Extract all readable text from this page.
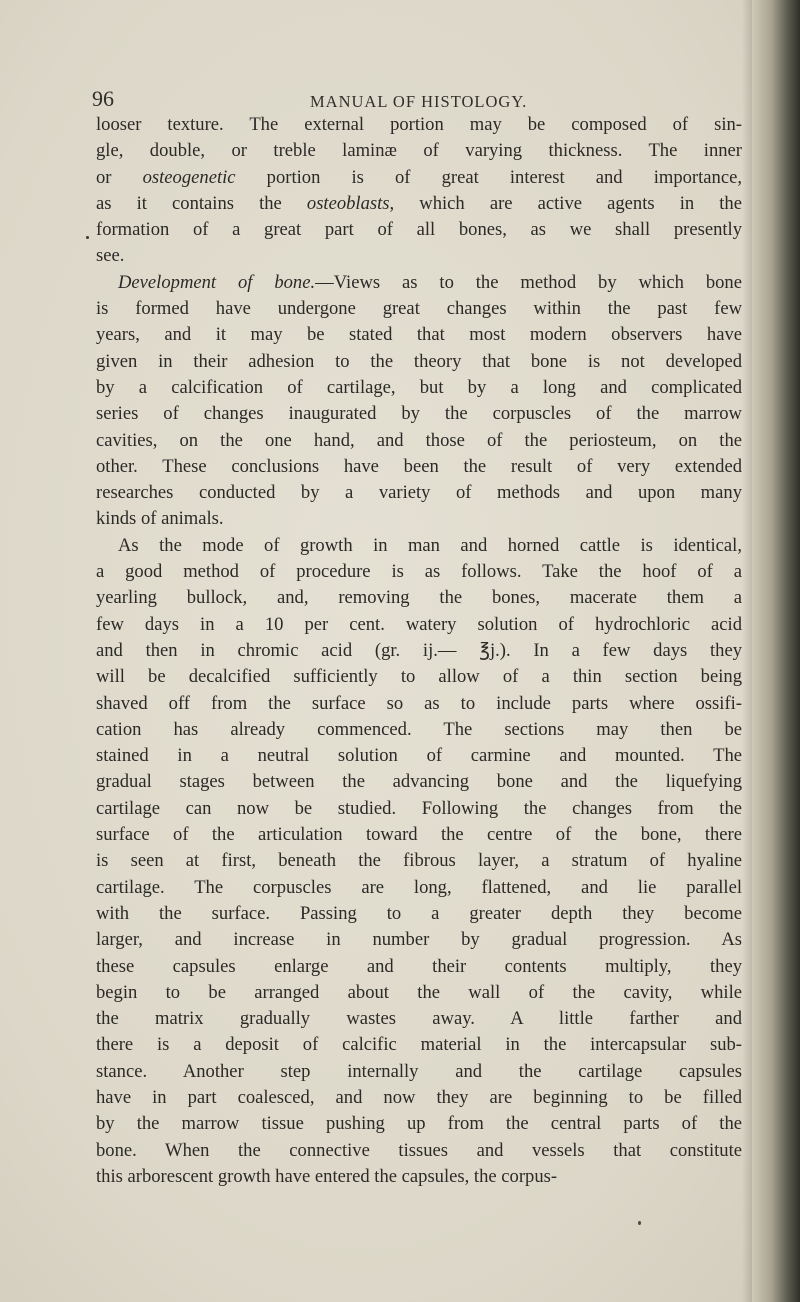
96	MANUAL OF HISTOLOGY.
looser texture. The external portion may be composed of sin-
gle, double, or treble laminæ of varying thickness. The inner
or osteogenetic portion is of great interest and importance,
as it contains the osteoblasts, which are active agents in the
formation of a great part of all bones, as we shall presently
see.
Development of bone.—Views as to the method by which bone
is formed have undergone great changes within the past few
years, and it may be stated that most modern observers have
given in their adhesion to the theory that bone is not developed
by a calcification of cartilage, but by a long and complicated
series of changes inaugurated by the corpuscles of the marrow
cavities, on the one hand, and those of the periosteum, on the
other. These conclusions have been the result of very extended
researches conducted by a variety of methods and upon many
kinds of animals.
As the mode of growth in man and horned cattle is identical,
a good method of procedure is as follows. Take the hoof of a
yearling bullock, and, removing the bones, macerate them a
few days in a 10 per cent. watery solution of hydrochloric acid
and then in chromic acid (gr. ij.— ℥j.). In a few days they
will be decalcified sufficiently to allow of a thin section being
shaved off from the surface so as to include parts where ossifi-
cation has already commenced. The sections may then be
stained in a neutral solution of carmine and mounted. The
gradual stages between the advancing bone and the liquefying
cartilage can now be studied. Following the changes from the
surface of the articulation toward the centre of the bone, there
is seen at first, beneath the fibrous layer, a stratum of hyaline
cartilage. The corpuscles are long, flattened, and lie parallel
with the surface. Passing to a greater depth they become
larger, and increase in number by gradual progression. As
these capsules enlarge and their contents multiply, they
begin to be arranged about the wall of the cavity, while
the matrix gradually wastes away. A little farther and
there is a deposit of calcific material in the intercapsular sub-
stance. Another step internally and the cartilage capsules
have in part coalesced, and now they are beginning to be filled
by the marrow tissue pushing up from the central parts of the
bone. When the connective tissues and vessels that constitute
this arborescent growth have entered the capsules, the corpus-
